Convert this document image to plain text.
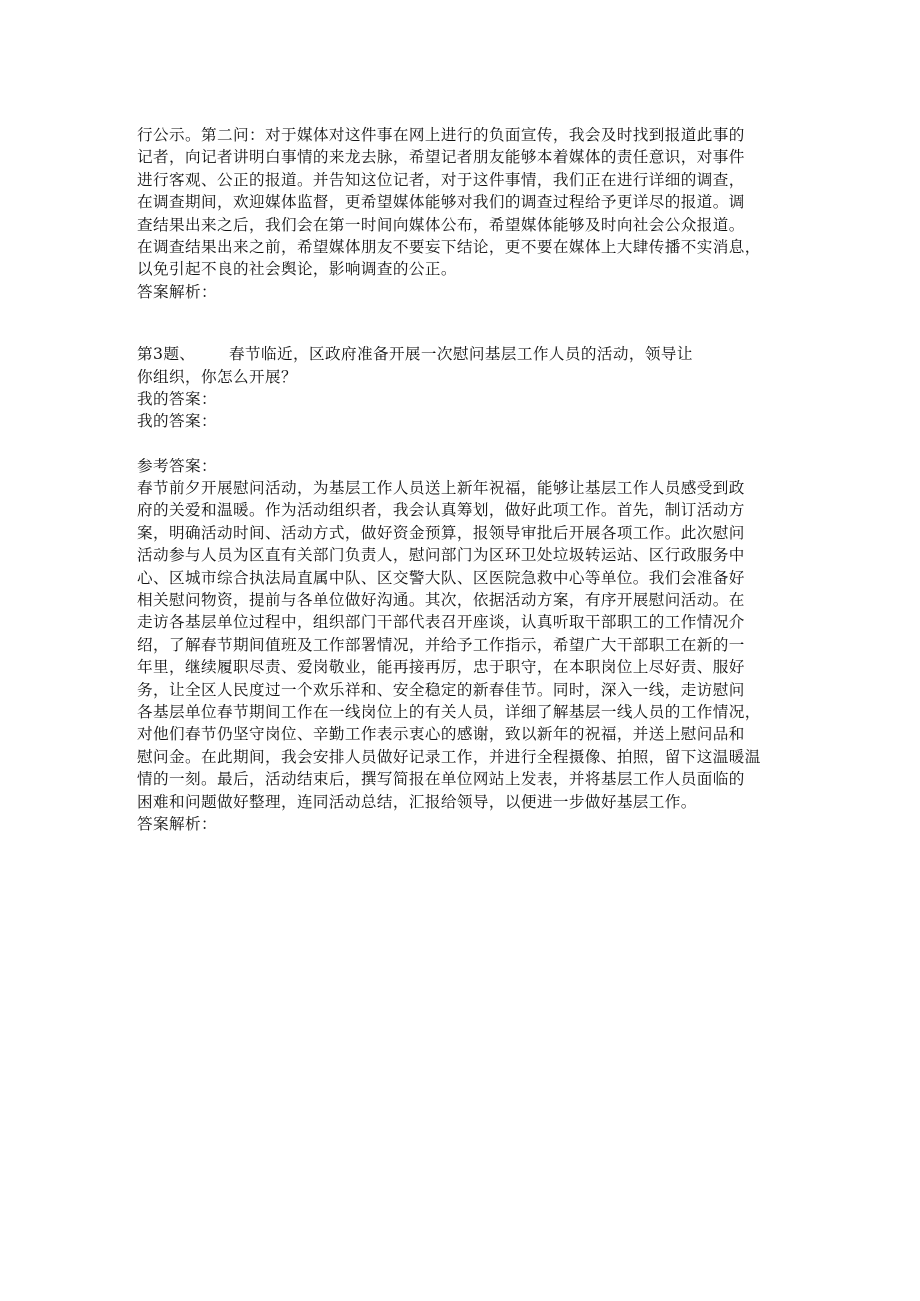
行公示。第二问：对于媒体对这件事在网上进行的负面宣传，我会及时找到报道此事的
记者，向记者讲明白事情的来龙去脉，希望记者朋友能够本着媒体的责任意识，对事件
进行客观、公正的报道。并告知这位记者，对于这件事情，我们正在进行详细的调查，
在调查期间，欢迎媒体监督，更希望媒体能够对我们的调查过程给予更详尽的报道。调
查结果出来之后，我们会在第一时间向媒体公布，希望媒体能够及时向社会公众报道。
在调查结果出来之前，希望媒体朋友不要妄下结论，更不要在媒体上大肆传播不实消息，
以免引起不良的社会舆论，影响调查的公正。
答案解析：
第3题、	春节临近，区政府准备开展一次慰问基层工作人员的活动，领导让
你组织，你怎么开展？
我的答案：
我的答案：
参考答案：
春节前夕开展慰问活动，为基层工作人员送上新年祝福，能够让基层工作人员感受到政
府的关爱和温暖。作为活动组织者，我会认真筹划，做好此项工作。首先，制订活动方
案，明确活动时间、活动方式，做好资金预算，报领导审批后开展各项工作。此次慰问
活动参与人员为区直有关部门负责人，慰问部门为区环卫处垃圾转运站、区行政服务中
心、区城市综合执法局直属中队、区交警大队、区医院急救中心等单位。我们会准备好
相关慰问物资，提前与各单位做好沟通。其次，依据活动方案，有序开展慰问活动。在
走访各基层单位过程中，组织部门干部代表召开座谈，认真听取干部职工的工作情况介
绍，了解春节期间值班及工作部署情况，并给予工作指示，希望广大干部职工在新的一
年里，继续履职尽责、爱岗敬业，能再接再厉，忠于职守，在本职岗位上尽好责、服好
务，让全区人民度过一个欢乐祥和、安全稳定的新春佳节。同时，深入一线，走访慰问
各基层单位春节期间工作在一线岗位上的有关人员，详细了解基层一线人员的工作情况，
对他们春节仍坚守岗位、辛勤工作表示衷心的感谢，致以新年的祝福，并送上慰问品和
慰问金。在此期间，我会安排人员做好记录工作，并进行全程摄像、拍照，留下这温暖温
情的一刻。最后，活动结束后，撰写简报在单位网站上发表，并将基层工作人员面临的
困难和问题做好整理，连同活动总结，汇报给领导，以便进一步做好基层工作。
答案解析：
